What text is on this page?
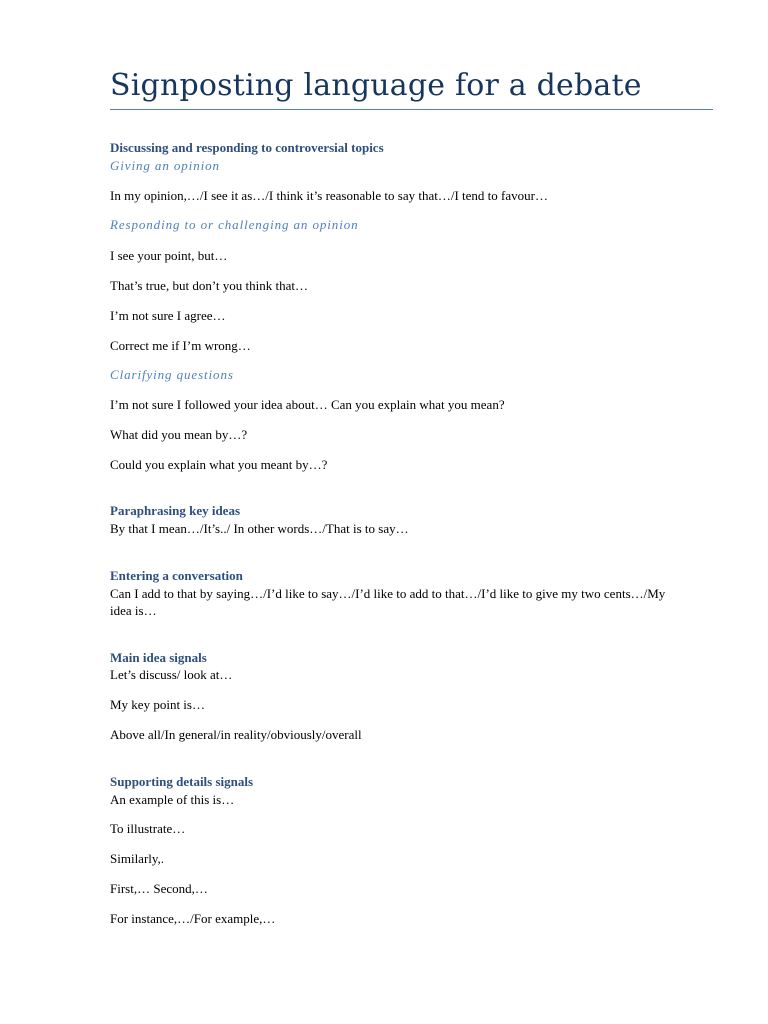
Signposting language for a debate
Discussing and responding to controversial topics
Giving an opinion
In my opinion,…/I see it as…/I think it’s reasonable to say that…/I tend to favour…
Responding to or challenging an opinion
I see your point, but…
That’s true, but don’t you think that…
I’m not sure I agree…
Correct me if I’m wrong…
Clarifying questions
I’m not sure I followed your idea about… Can you explain what you mean?
What did you mean by…?
Could you explain what you meant by…?
Paraphrasing key ideas
By that I mean…/It’s../ In other words…/That is to say…
Entering a conversation
Can I add to that by saying…/I’d like to say…/I’d like to add to that…/I’d like to give my two cents…/My idea is…
Main idea signals
Let’s discuss/ look at…
My key point is…
Above all/In general/in reality/obviously/overall
Supporting details signals
An example of this is…
To illustrate…
Similarly,.
First,… Second,…
For instance,…/For example,…
